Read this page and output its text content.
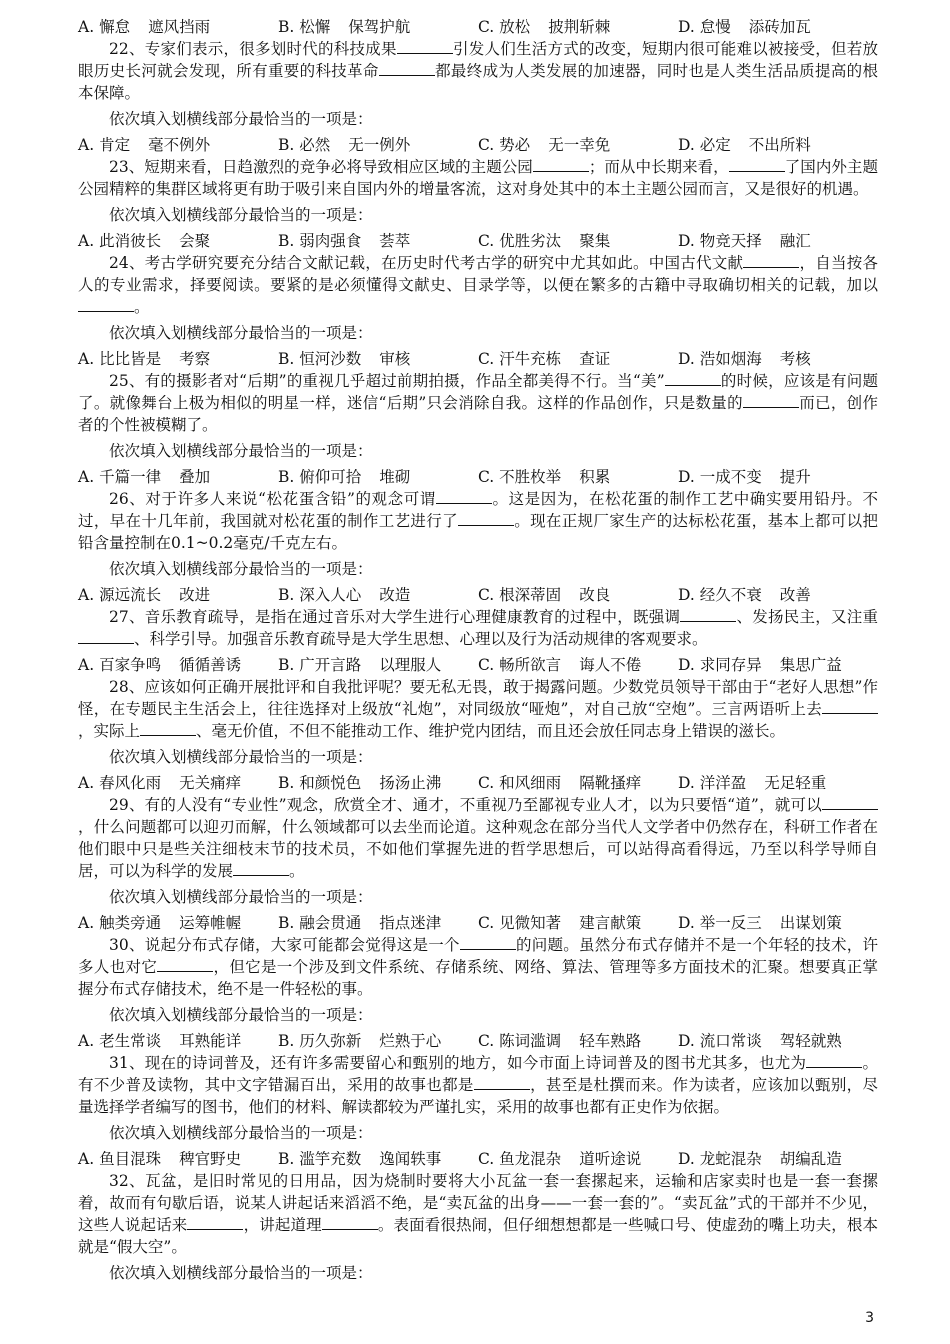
A. 懈怠 遮风挡雨	B. 松懈 保驾护航	C. 放松 披荆斩棘	D. 怠慢 添砖加瓦
22、专家们表示，很多划时代的科技成果	引发人们生活方式的改变，短期内很可能难以被接受，但若放眼历史长河就会发现，所有重要的科技革命	都最终成为人类发展的加速器，同时也是人类生活品质提高的根本保障。
依次填入划横线部分最恰当的一项是：
A. 肯定 毫不例外	B. 必然 无一例外	C. 势必 无一幸免	D. 必定 不出所料
23、短期来看，日趋激烈的竞争必将导致相应区域的主题公园	；而从中长期来看，	了国内外主题公园精粹的集群区域将更有助于吸引来自国内外的增量客流，这对身处其中的本土主题公园而言，又是很好的机遇。
依次填入划横线部分最恰当的一项是：
A. 此消彼长 会聚	B. 弱肉强食 荟萃	C. 优胜劣汰 聚集	D. 物竞天择 融汇
24、考古学研究要充分结合文献记载，在历史时代考古学的研究中尤其如此。中国古代文献	，自当按各人的专业需求，择要阅读。要紧的是必须懂得文献史、目录学等，以便在繁多的古籍中寻取确切相关的记载，加以。
依次填入划横线部分最恰当的一项是：
A. 比比皆是 考察	B. 恒河沙数 审核	C. 汗牛充栋 查证	D. 浩如烟海 考核
25、有的摄影者对“后期”的重视几乎超过前期拍摄，作品全都美得不行。当“美”	的时候，应该是有问题了。就像舞台上极为相似的明星一样，迷信“后期”只会消除自我。这样的作品创作，只是数量的	而已，创作者的个性被模糊了。
依次填入划横线部分最恰当的一项是：
A. 千篇一律 叠加	B. 俯仰可拾 堆砌	C. 不胜枚举 积累	D. 一成不变 提升
26、对于许多人来说“松花蛋含铅”的观念可谓	。这是因为，在松花蛋的制作工艺中确实要用铅丹。不过，早在十几年前，我国就对松花蛋的制作工艺进行了	。现在正规厂家生产的达标松花蛋，基本上都可以把铅含量控制在0.1~0.2毫克/千克左右。
依次填入划横线部分最恰当的一项是：
A. 源远流长 改进	B. 深入人心 改造	C. 根深蒂固 改良	D. 经久不衰 改善
27、音乐教育疏导，是指在通过音乐对大学生进行心理健康教育的过程中，既强调	、发扬民主，又注重、科学引导。加强音乐教育疏导是大学生思想、心理以及行为活动规律的客观要求。
A. 百家争鸣 循循善诱	B. 广开言路 以理服人	C. 畅所欲言 诲人不倦	D. 求同存异 集思广益
28、应该如何正确开展批评和自我批评呢？要无私无畏，敢于揭露问题。少数党员领导干部由于“老好人思想”作怪，在专题民主生活会上，往往选择对上级放“礼炮”，对同级放“哑炮”，对自己放“空炮”。三言两语听上去，实际上	、毫无价值，不但不能推动工作、维护党内团结，而且还会放任同志身上错误的滋长。
依次填入划横线部分最恰当的一项是：
A. 春风化雨 无关痛痒	B. 和颜悦色 扬汤止沸	C. 和风细雨 隔靴搔痒	D. 洋洋盈 无足轻重
29、有的人没有“专业性”观念，欣赏全才、通才，不重视乃至鄙视专业人才，以为只要悟“道”，就可以，什么问题都可以迎刃而解，什么领域都可以去坐而论道。这种观念在部分当代人文学者中仍然存在，科研工作者在他们眼中只是些关注细枝末节的技术员，不如他们掌握先进的哲学思想后，可以站得高看得远，乃至以科学导师自居，可以为科学的发展	。
依次填入划横线部分最恰当的一项是：
A. 触类旁通 运筹帷幄	B. 融会贯通 指点迷津	C. 见微知著 建言献策	D. 举一反三 出谋划策
30、说起分布式存储，大家可能都会觉得这是一个	的问题。虽然分布式存储并不是一个年轻的技术，许多人也对它	，但它是一个涉及到文件系统、存储系统、网络、算法、管理等多方面技术的汇聚。想要真正掌握分布式存储技术，绝不是一件轻松的事。
依次填入划横线部分最恰当的一项是：
A. 老生常谈 耳熟能详	B. 历久弥新 烂熟于心	C. 陈词滥调 轻车熟路	D. 流口常谈 驾轻就熟
31、现在的诗词普及，还有许多需要留心和甄别的地方，如今市面上诗词普及的图书尤其多，也尤为	。有不少普及读物，其中文字错漏百出，采用的故事也都是	，甚至是杜撰而来。作为读者，应该加以甄别，尽量选择学者编写的图书，他们的材料、解读都较为严谨扎实，采用的故事也都有正史作为依据。
依次填入划横线部分最恰当的一项是：
A. 鱼目混珠 稗官野史	B. 滥竽充数 逸闻轶事	C. 鱼龙混杂 道听途说	D. 龙蛇混杂 胡编乱造
32、瓦盆，是旧时常见的日用品，因为烧制时要将大小瓦盆一套一套摞起来，运输和店家卖时也是一套一套摞着，故而有句歇后语，说某人讲起话来滔滔不绝，是“卖瓦盆的出身——一套一套的”。“卖瓦盆”式的干部并不少见，这些人说起话来	，讲起道理	。表面看很热闹，但仔细想想都是一些喊口号、使虚劲的嘴上功夫，根本就是“假大空”。
依次填入划横线部分最恰当的一项是：
3
